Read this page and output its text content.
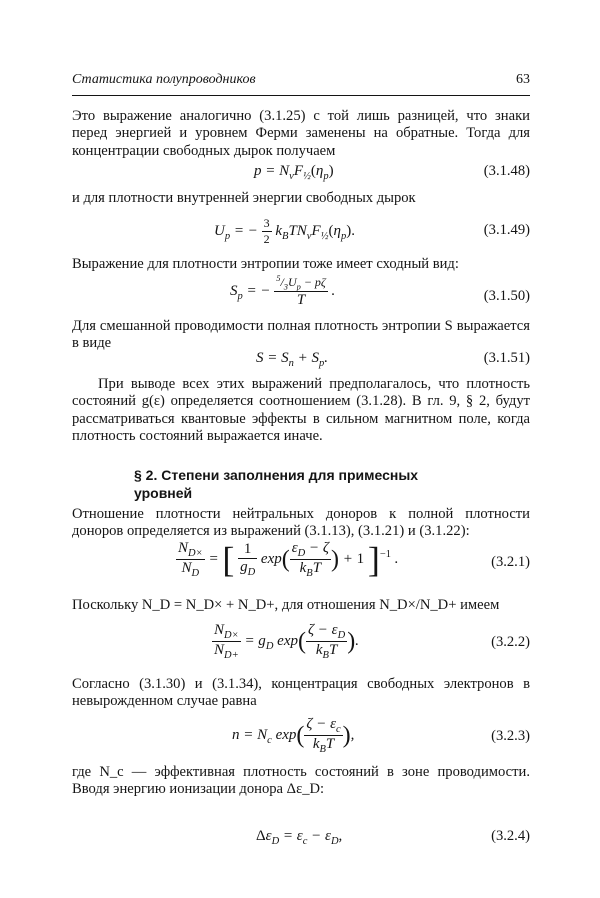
Статистика полупроводников	63
Это выражение аналогично (3.1.25) с той лишь разницей, что знаки перед энергией и уровнем Ферми заменены на обратные. Тогда для концентрации свободных дырок получаем
$p = N_vF_{\frac{1}{2}}(\eta_p)$	(3.1.48)
и для плотности внутренней энергии свободных дырок
$U_p$ = − $\frac{3}{2} k_BTN_vF_{\frac{1}{2}}(\eta_p)$.	(3.1.49)
Выражение для плотности энтропии тоже имеет сходный вид:
$S_p$ = − $\frac{^5/_3U_p - p\zeta}{T}$ .	(3.1.50)
Для смешанной проводимости полная плотность энтропии S выражается в виде
$S = S_n + S_p$.	(3.1.51)
При выводе всех этих выражений предполагалось, что плотность состояний g(ε) определяется соотношением (3.1.28). В гл. 9, § 2, будут рассматриваться квантовые эффекты в сильном магнитном поле, когда плотность состояний выражается иначе.
§ 2. Степени заполнения для примесных уровней
Отношение плотности нейтральных доноров к полной плотности доноров определяется из выражений (3.1.13), (3.1.21) и (3.1.22):
$\frac{N_{D\times}}{N_D}$ = [ $\frac{1}{g_D} \exp( \frac{\varepsilon_D - \zeta}{k_BT}$ ) + 1 ]$^{-1}$ .	(3.2.1)
Поскольку N_D = N_D× + N_D+, для отношения N_D×/N_D+ имеем
$\frac{N_{D\times}}{N_{D+}} = g_D$ $\exp( \frac{\zeta - \varepsilon_D}{k_BT}$ ).	(3.2.2)
Согласно (3.1.30) и (3.1.34), концентрация свободных электронов в невырожденном случае равна
$n = N_c$ $\exp( \frac{\zeta - \varepsilon_c}{k_BT}$ ),	(3.2.3)
где N_c — эффективная плотность состояний в зоне проводимости. Вводя энергию ионизации донора Δε_D:
$\Delta\varepsilon_D = \varepsilon_c - \varepsilon_D$,	(3.2.4)
